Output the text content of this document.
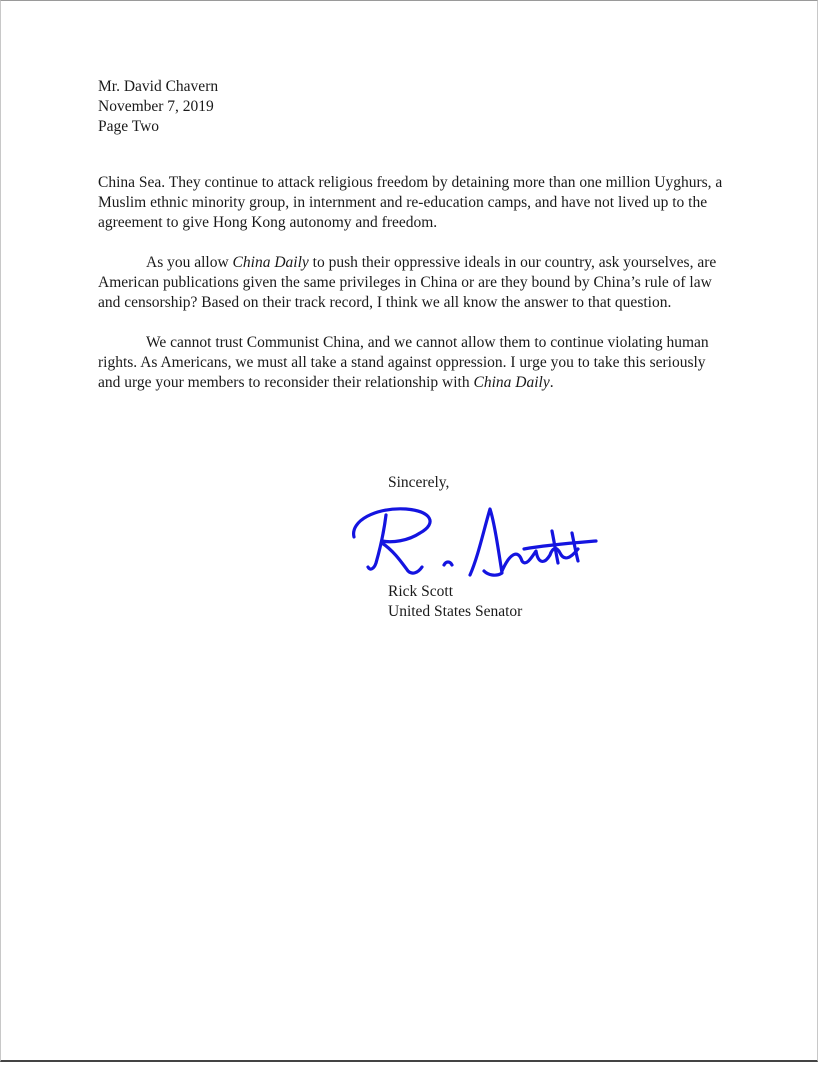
Mr. David Chavern
November 7, 2019
Page Two

China Sea. They continue to attack religious freedom by detaining more than one million Uyghurs, a Muslim ethnic minority group, in internment and re-education camps, and have not lived up to the agreement to give Hong Kong autonomy and freedom.

As you allow China Daily to push their oppressive ideals in our country, ask yourselves, are American publications given the same privileges in China or are they bound by China’s rule of law and censorship? Based on their track record, I think we all know the answer to that question.

We cannot trust Communist China, and we cannot allow them to continue violating human rights. As Americans, we must all take a stand against oppression. I urge you to take this seriously and urge your members to reconsider their relationship with China Daily.

Sincerely,
Rick Scott
United States Senator
